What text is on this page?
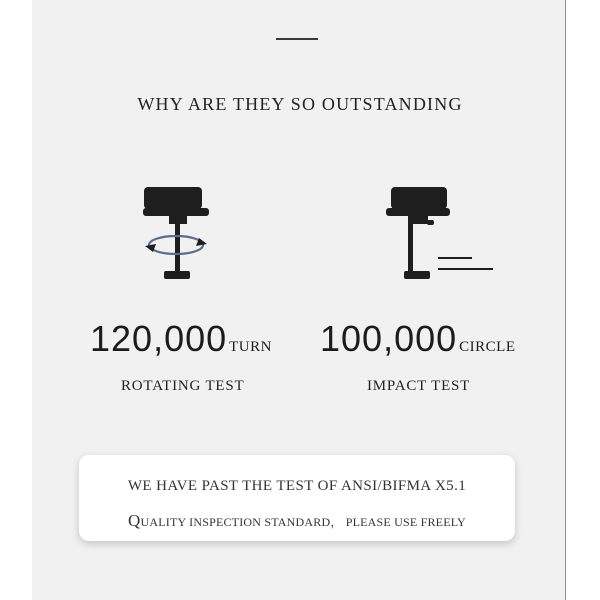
WHY ARE THEY SO OUTSTANDING
120,000 TURN
ROTATING TEST
100,000 CIRCLE
IMPACT TEST
WE HAVE PAST THE TEST OF ANSI/BIFMA X5.1
QUALITY INSPECTION STANDARD， PLEASE USE FREELY
